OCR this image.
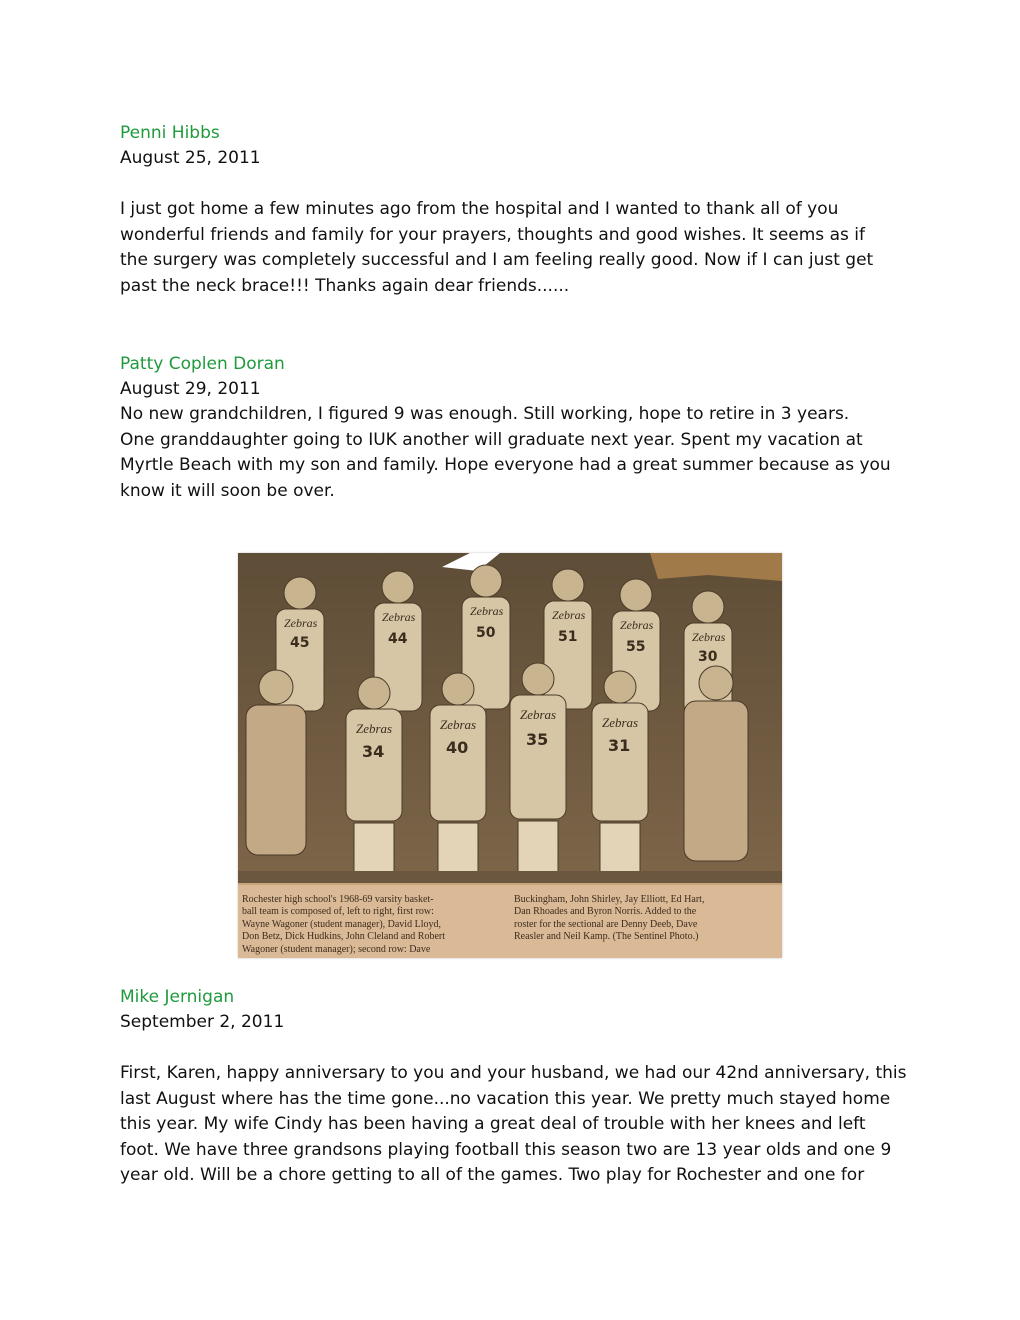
Penni Hibbs

August 25, 2011

I just got home a few minutes ago from the hospital and I wanted to thank all of you
wonderful friends and family for your prayers, thoughts and good wishes. It seems as if
the surgery was completely successful and I am feeling really good. Now if I can just get
past the neck brace!!! Thanks again dear friends......

Patty Coplen Doran

August 29, 2011

No new grandchildren, I figured 9 was enough. Still working, hope to retire in 3 years.
One granddaughter going to IUK another will graduate next year. Spent my vacation at
Myrtle Beach with my son and family. Hope everyone had a great summer because as you
know it will soon be over.

Zebras	Zebras	Zebras	Zebras
Zebras
Zebras
45	44	50	51
55
30
Zebras	Zebras
Zebras
Zebras
34	40	35	31
Rochester high school's 1968-69 varsity basket-
ball team is composed of, left to right, first row:
Wayne Wagoner (student manager), David Lloyd,
Don Betz, Dick Hudkins, John Cleland and Robert
Wagoner (student manager); second row: Dave
Buckingham, John Shirley, Jay Elliott, Ed Hart,
Dan Rhoades and Byron Norris. Added to the
roster for the sectional are Denny Deeb, Dave
Reasler and Neil Kamp. (The Sentinel Photo.)

Mike Jernigan

September 2, 2011

First, Karen, happy anniversary to you and your husband, we had our 42nd anniversary, this
last August where has the time gone...no vacation this year. We pretty much stayed home
this year. My wife Cindy has been having a great deal of trouble with her knees and left
foot. We have three grandsons playing football this season two are 13 year olds and one 9
year old. Will be a chore getting to all of the games. Two play for Rochester and one for
